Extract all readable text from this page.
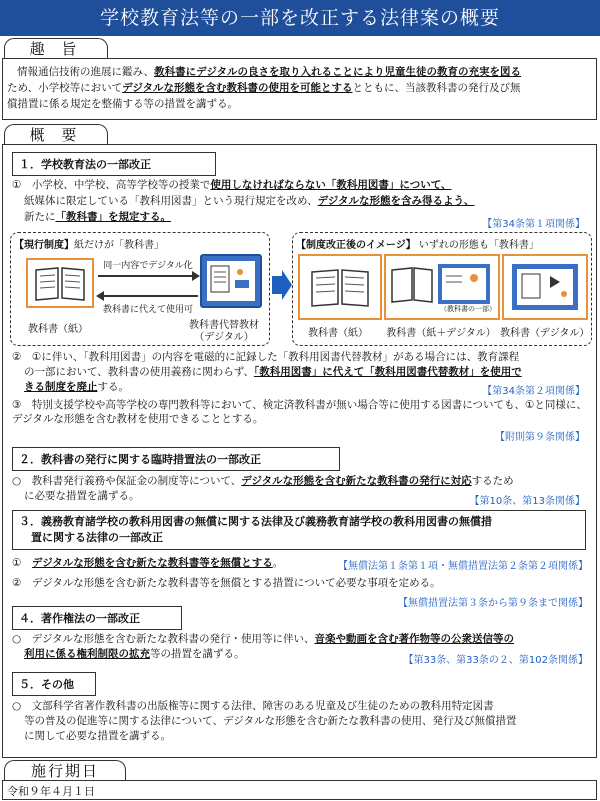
学校教育法等の一部を改正する法律案の概要
趣 旨
情報通信技術の進展に鑑み、教科書にデジタルの良さを取り入れることにより児童生徒の教育の充実を図る
ため、小学校等においてデジタルな形態を含む教科書の使用を可能とするとともに、当該教科書の発行及び無
償措置に係る規定を整備する等の措置を講ずる。
概 要
１．学校教育法の一部改正
①　小学校、中学校、高等学校等の授業で使用しなければならない「教科用図書」について、
紙媒体に限定している「教科用図書」という現行規定を改め、デジタルな形態を含み得るよう、
新たに「教科書」を規定する。
【第34条第１項関係】
【現行制度】紙だけが「教科書」
教科書（紙）
同一内容でデジタル化
教科書に代えて使用可
教科書代替教材
（デジタル）
【制度改正後のイメージ】 いずれの形態も「教科書」
（教科書の一部）
教科書（紙）	教科書（紙＋デジタル） 教科書（デジタル）
②　①に伴い、「教科用図書」の内容を電磁的に記録した「教科用図書代替教材」がある場合には、教育課程
の一部において、教科書の使用義務に関わらず、「教科用図書」に代えて「教科用図書代替教材」を使用で
きる制度を廃止する。	【第34条第２項関係】
③　特別支援学校や高等学校の専門教科等において、検定済教科書が無い場合等に使用する図書についても、①と同様に、デジタルな形態を含む教材を使用できることとする。
【附則第９条関係】
２．教科書の発行に関する臨時措置法の一部改正
○　教科書発行義務や保証金の制度等について、デジタルな形態を含む新たな教科書の発行に対応するため
に必要な措置を講ずる。	【第10条、第13条関係】
３．義務教育諸学校の教科用図書の無償に関する法律及び義務教育諸学校の教科用図書の無償措
置に関する法律の一部改正
①　デジタルな形態を含む新たな教科書等を無償とする。	【無償法第１条第１項・無償措置法第２条第２項関係】
②　デジタルな形態を含む新たな教科書等を無償とする措置について必要な事項を定める。
【無償措置法第３条から第９条まで関係】
４．著作権法の一部改正
○　デジタルな形態を含む新たな教科書の発行・使用等に伴い、音楽や動画を含む著作物等の公衆送信等の
利用に係る権利制限の拡充等の措置を講ずる。
【第33条、第33条の２、第102条関係】
５．その他
○　文部科学省著作教科書の出版権等に関する法律、障害のある児童及び生徒のための教科用特定図書
等の普及の促進等に関する法律について、デジタルな形態を含む新たな教科書の使用、発行及び無償措置
に関して必要な措置を講ずる。
施行期日
令和９年４月１日
